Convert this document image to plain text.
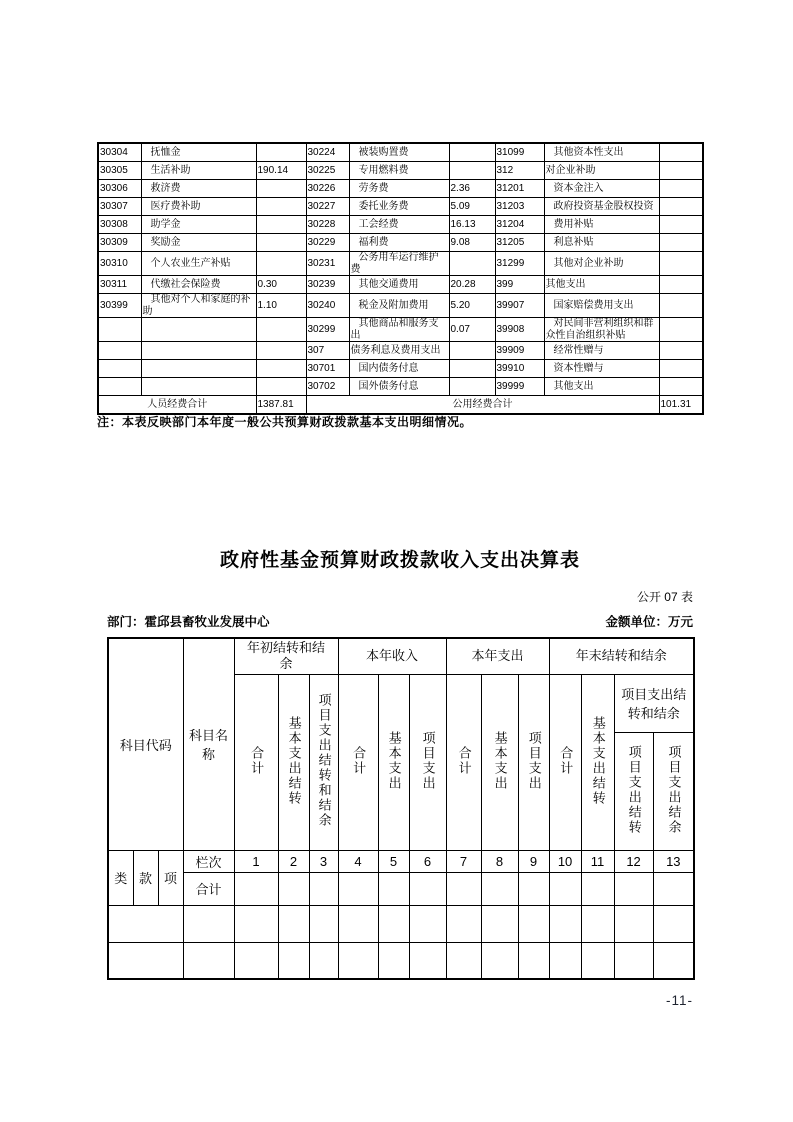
30304	抚恤金		30224	被装购置费		31099	其他资本性支出	
30305	生活补助	190.14	30225	专用燃料费		312	对企业补助	
30306	救济费		30226	劳务费	2.36	31201	资本金注入	
30307	医疗费补助		30227	委托业务费	5.09	31203	政府投资基金股权投资	
30308	助学金		30228	工会经费	16.13	31204	费用补贴	
30309	奖励金		30229	福利费	9.08	31205	利息补贴	
30310	个人农业生产补贴		30231	公务用车运行维护费		31299	其他对企业补助	
30311	代缴社会保险费	0.30	30239	其他交通费用	20.28	399	其他支出	
30399	其他对个人和家庭的补助	1.10	30240	税金及附加费用	5.20	39907	国家赔偿费用支出	
			30299	其他商品和服务支出	0.07	39908	对民间非营利组织和群众性自治组织补贴	
			307	债务利息及费用支出		39909	经常性赠与	
			30701	国内债务付息		39910	资本性赠与	
			30702	国外债务付息		39999	其他支出	
人员经费合计		1387.81	公用经费合计					101.31
注：本表反映部门本年度一般公共预算财政拨款基本支出明细情况。
政府性基金预算财政拨款收入支出决算表
公开 07 表
部门：霍邱县畜牧业发展中心	金额单位：万元
科目代码			科目名称	年初结转和结余			本年收入			本年支出			年末结转和结余			
				合计	基本支出结转	项目支出结转和结余	合计	基本支出	项目支出	合计	基本支出	项目支出	合计	基本支出结转	项目支出结转和结余	
															项目支出结转	项目支出结余
类	款	项	栏次	1	2	3	4	5	6	7	8	9	10	11	12	13
			合计													

-11-
